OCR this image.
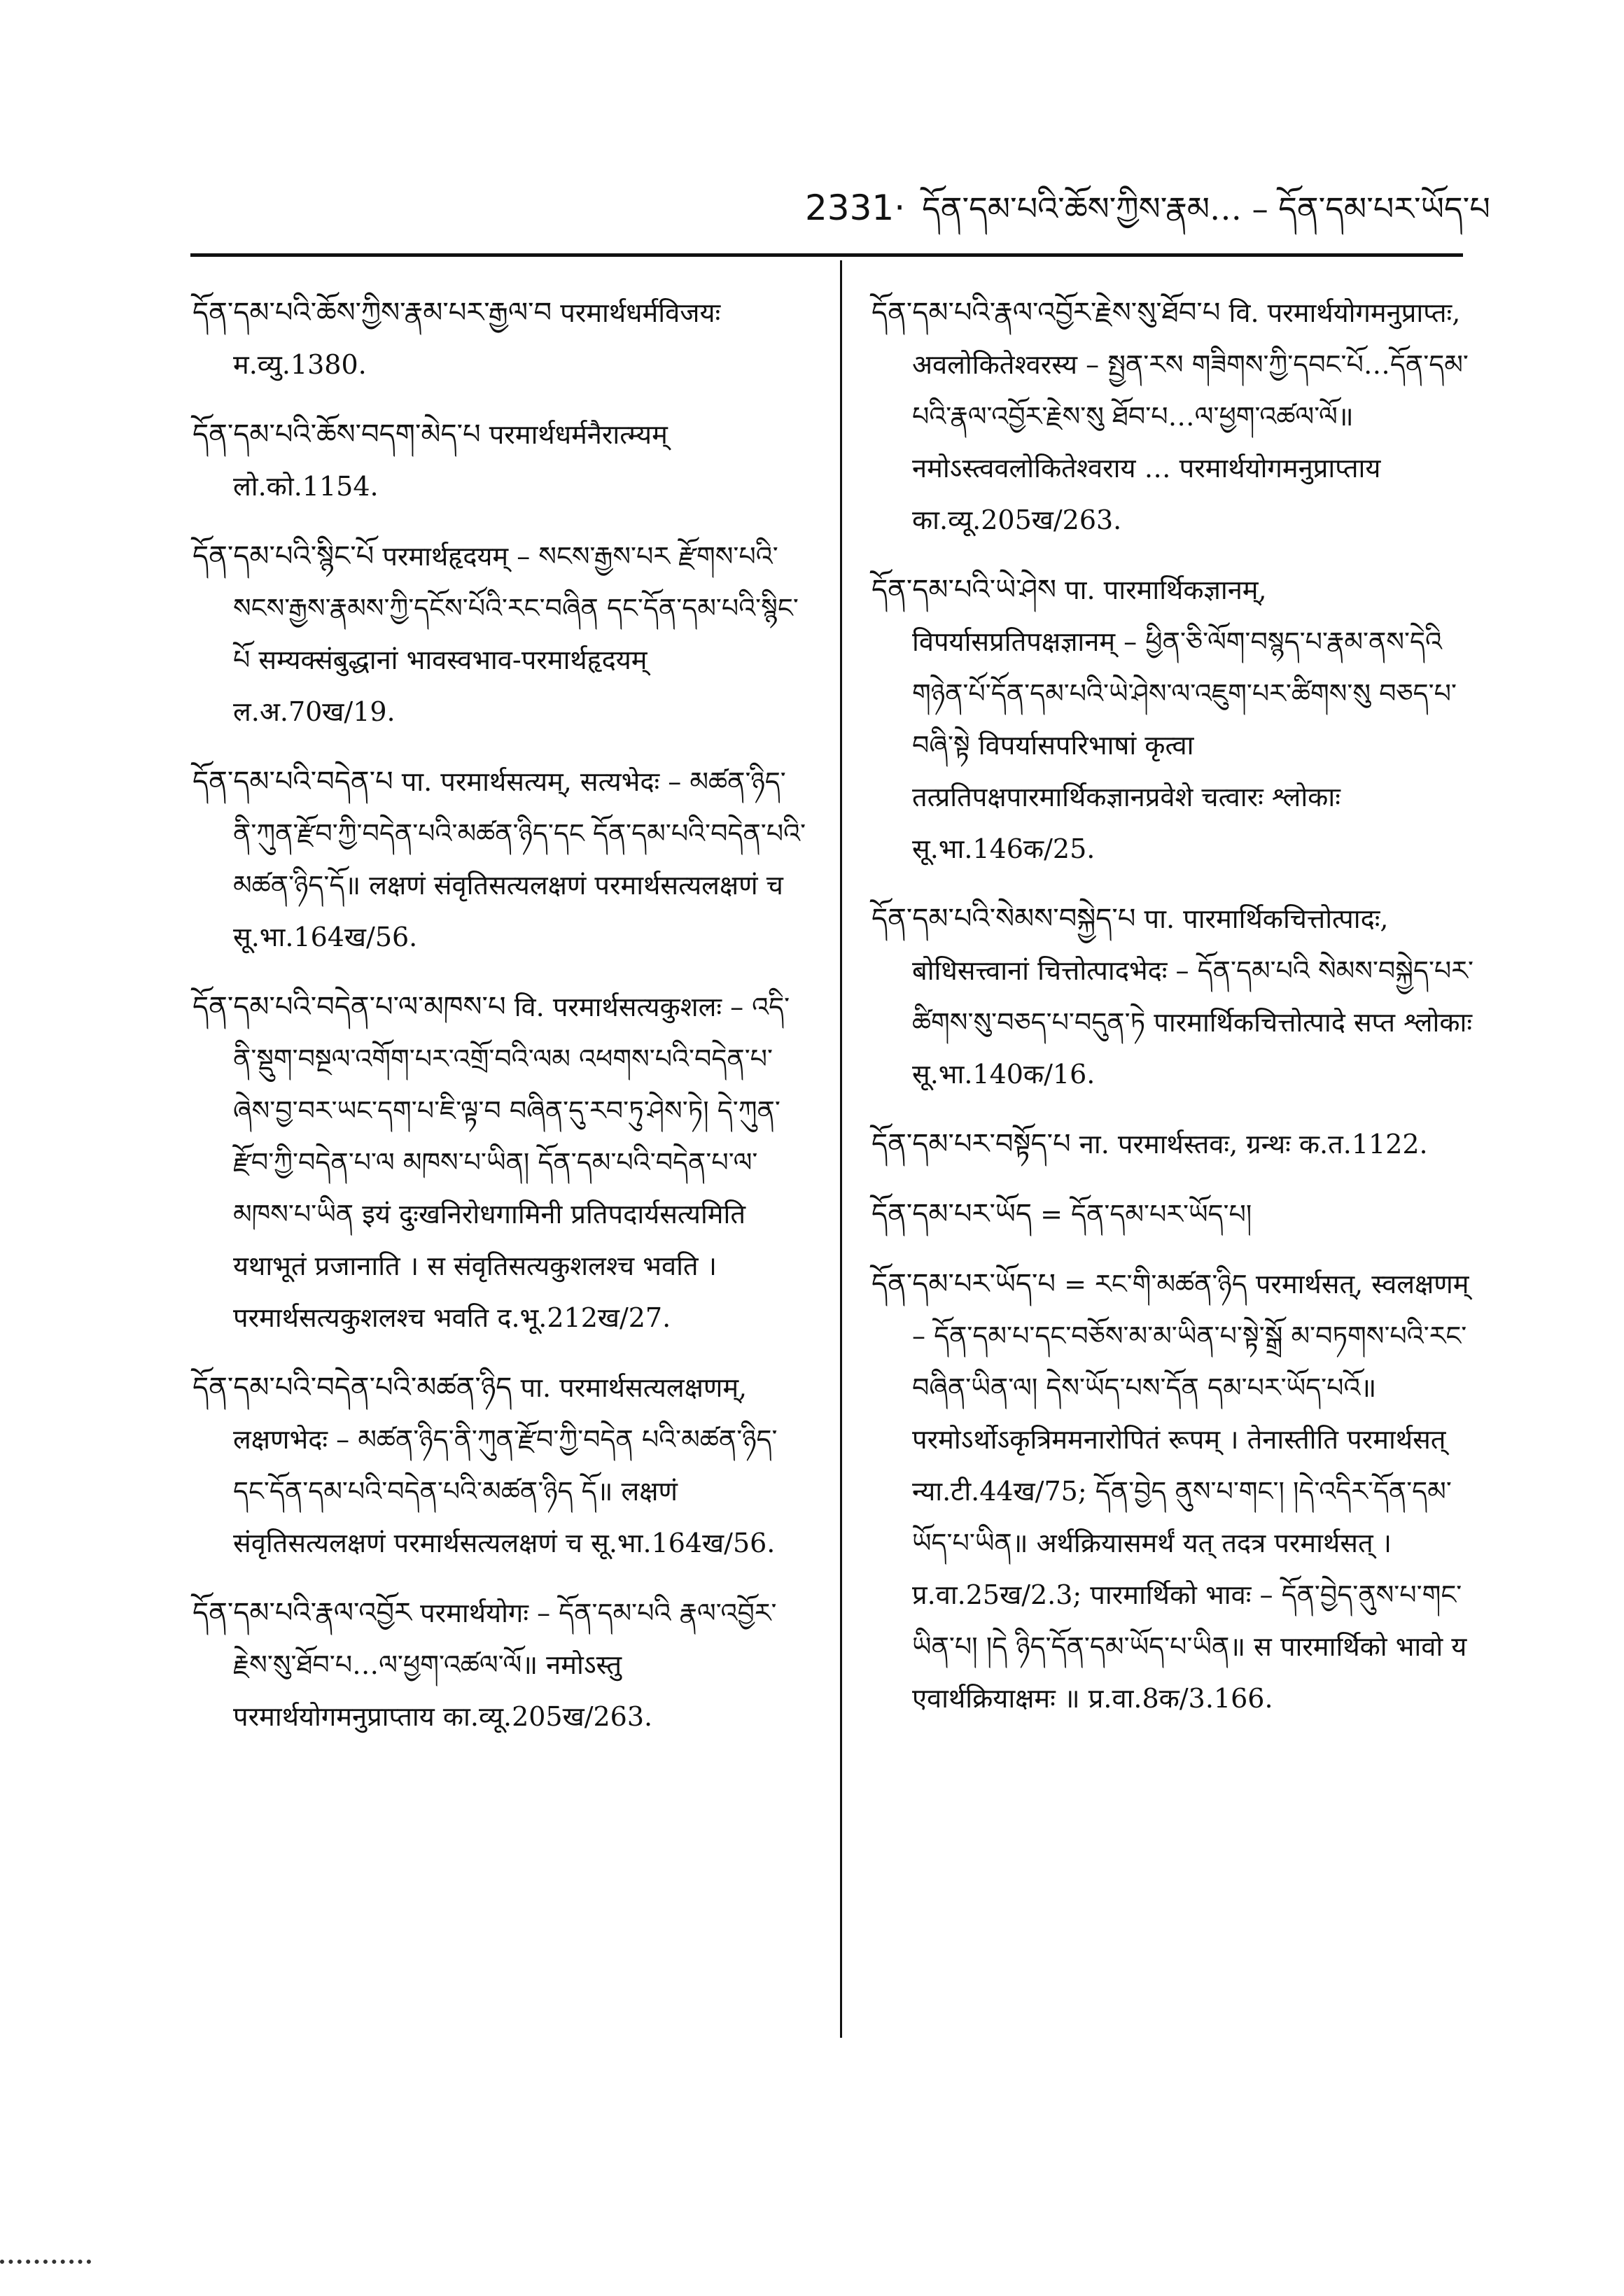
2331· དོན་དམ་པའི་ཆོས་ཀྱིས་རྣམ… – དོན་དམ་པར་ཡོད་པ

དོན་དམ་པའི་ཆོས་ཀྱིས་རྣམ་པར་རྒྱལ་བ परमार्थधर्मविजयः म.व्यु.1380.

དོན་དམ་པའི་ཆོས་བདག་མེད་པ परमार्थधर्मनैरात्म्यम् लो.को.1154.

དོན་དམ་པའི་སྙིང་པོ परमार्थहृदयम् – སངས་རྒྱས་པར རྫོགས་པའི་སངས་རྒྱས་རྣམས་ཀྱི་དངོས་པོའི་རང་བཞིན དང་དོན་དམ་པའི་སྙིང་པོ सम्यक्संबुद्धानां भावस्वभाव-परमार्थहृदयम् ल.अ.70ख/19.

དོན་དམ་པའི་བདེན་པ पा. परमार्थसत्यम्, सत्यभेदः – མཚན་ཉིད་ནི་ཀུན་རྫོབ་ཀྱི་བདེན་པའི་མཚན་ཉིད་དང དོན་དམ་པའི་བདེན་པའི་མཚན་ཉིད་དོ॥ लक्षणं संवृतिसत्यलक्षणं परमार्थसत्यलक्षणं च सू.भा.164ख/56.

དོན་དམ་པའི་བདེན་པ་ལ་མཁས་པ वि. परमार्थसत्यकुशलः – འདི་ནི་སྡུག་བསྔལ་འགོག་པར་འགྲོ་བའི་ལམ འཕགས་པའི་བདེན་པ་ཞེས་བྱ་བར་ཡང་དག་པ་ཇི་ལྟ་བ བཞིན་དུ་རབ་ཏུ་ཤེས་ཏེ། དེ་ཀུན་རྫོབ་ཀྱི་བདེན་པ་ལ མཁས་པ་ཡིན། དོན་དམ་པའི་བདེན་པ་ལ་མཁས་པ་ཡིན इयं दुःखनिरोधगामिनी प्रतिपदार्यसत्यमिति यथाभूतं प्रजानाति । स संवृतिसत्यकुशलश्च भवति । परमार्थसत्यकुशलश्च भवति द.भू.212ख/27.

དོན་དམ་པའི་བདེན་པའི་མཚན་ཉིད पा. परमार्थसत्यलक्षणम्, लक्षणभेदः – མཚན་ཉིད་ནི་ཀུན་རྫོབ་ཀྱི་བདེན པའི་མཚན་ཉིད་དང་དོན་དམ་པའི་བདེན་པའི་མཚན་ཉིད དོ॥ लक्षणं संवृतिसत्यलक्षणं परमार्थसत्यलक्षणं च सू.भा.164ख/56.

དོན་དམ་པའི་རྣལ་འབྱོར परमार्थयोगः – དོན་དམ་པའི རྣལ་འབྱོར་རྗེས་སུ་ཐོབ་པ…ལ་ཕྱག་འཚལ་ལོ॥ नमोऽस्तु परमार्थयोगमनुप्राप्ताय का.व्यू.205ख/263.

དོན་དམ་པའི་རྣལ་འབྱོར་རྗེས་སུ་ཐོབ་པ वि. परमार्थयोगमनुप्राप्तः, अवलोकितेश्वरस्य – སྤྱན་རས གཟིགས་ཀྱི་དབང་པོ…དོན་དམ་པའི་རྣལ་འབྱོར་རྗེས་སུ ཐོབ་པ…ལ་ཕྱག་འཚལ་ལོ॥ नमोऽस्त्ववलोकितेश्वराय … परमार्थयोगमनुप्राप्ताय का.व्यू.205ख/263.

དོན་དམ་པའི་ཡེ་ཤེས पा. पारमार्थिकज्ञानम्, विपर्यासप्रतिपक्षज्ञानम् – ཕྱིན་ཅི་ལོག་བསྙད་པ་རྣམ་ནས་དེའི གཉེན་པོ་དོན་དམ་པའི་ཡེ་ཤེས་ལ་འཇུག་པར་ཚིགས་སུ བཅད་པ་བཞི་སྟེ विपर्यासपरिभाषां कृत्वा तत्प्रतिपक्षपारमार्थिकज्ञानप्रवेशे चत्वारः श्लोकाः सू.भा.146क/25.

དོན་དམ་པའི་སེམས་བསྐྱེད་པ पा. पारमार्थिकचित्तोत्पादः, बोधिसत्त्वानां चित्तोत्पादभेदः – དོན་དམ་པའི སེམས་བསྐྱེད་པར་ཚིགས་སུ་བཅད་པ་བདུན་ཏེ पारमार्थिकचित्तोत्पादे सप्त श्लोकाः सू.भा.140क/16.

དོན་དམ་པར་བསྟོད་པ ना. परमार्थस्तवः, ग्रन्थः क.त.1122.

དོན་དམ་པར་ཡོད = དོན་དམ་པར་ཡོད་པ།

དོན་དམ་པར་ཡོད་པ = རང་གི་མཚན་ཉིད परमार्थसत्, स्वलक्षणम् – དོན་དམ་པ་དང་བཅོས་མ་མ་ཡིན་པ་སྟེ་སྒྲོ མ་བཏགས་པའི་རང་བཞིན་ཡིན་ལ། དེས་ཡོད་པས་དོན དམ་པར་ཡོད་པའོ॥ परमोऽर्थोऽकृत्रिममनारोपितं रूपम् । तेनास्तीति परमार्थसत् न्या.टी.44ख/75; དོན་བྱེད ནུས་པ་གང་། །དེ་འདིར་དོན་དམ་ཡོད་པ་ཡིན॥ अर्थक्रियासमर्थं यत् तदत्र परमार्थसत् । प्र.वा.25ख/2.3; पारमार्थिको भावः – དོན་བྱེད་ནུས་པ་གང་ཡིན་པ། །དེ ཉིད་དོན་དམ་ཡོད་པ་ཡིན॥ स पारमार्थिको भावो य एवार्थक्रियाक्षमः ॥ प्र.वा.8क/3.166.
